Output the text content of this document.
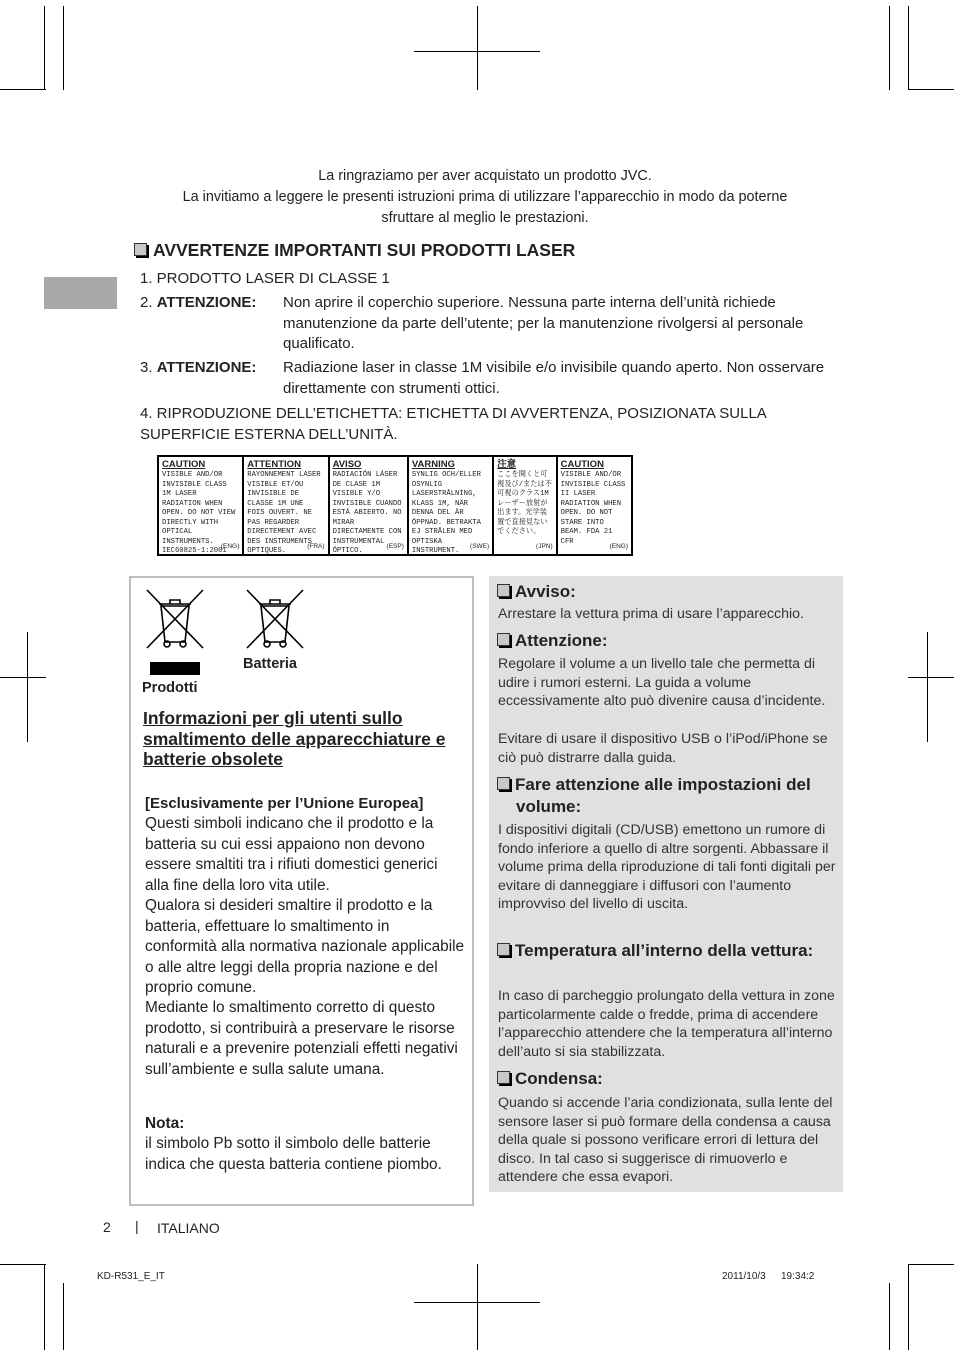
La ringraziamo per aver acquistato un prodotto JVC.
La invitiamo a leggere le presenti istruzioni prima di utilizzare l’apparecchio in modo da poterne
sfruttare al meglio le prestazioni.
AVVERTENZE IMPORTANTI SUI PRODOTTI LASER
1. PRODOTTO LASER DI CLASSE 1
2. ATTENZIONE: Non aprire il coperchio superiore. Nessuna parte interna dell’unità richiede manutenzione da parte dell’utente; per la manutenzione rivolgersi al personale qualificato.
3. ATTENZIONE: Radiazione laser in classe 1M visibile e/o invisibile quando aperto. Non osservare direttamente con strumenti ottici.
4. RIPRODUZIONE DELL’ETICHETTA: ETICHETTA DI AVVERTENZA, POSIZIONATA SULLA SUPERFICIE ESTERNA DELL’UNITÀ.
CAUTION
VISIBLE AND/OR INVISIBLE CLASS 1M LASER RADIATION WHEN OPEN. DO NOT VIEW DIRECTLY WITH OPTICAL INSTRUMENTS. IEC60825-1:2001
(ENG)
ATTENTION
RAYONNEMENT LASER VISIBLE ET/OU INVISIBLE DE CLASSE 1M UNE FOIS OUVERT. NE PAS REGARDER DIRECTEMENT AVEC DES INSTRUMENTS OPTIQUES.
(FRA)
AVISO
RADIACIÓN LÁSER DE CLASE 1M VISIBLE Y/O INVISIBLE CUANDO ESTÁ ABIERTO. NO MIRAR DIRECTAMENTE CON INSTRUMENTAL ÓPTICO.
(ESP)
VARNING
SYNLIG OCH/ELLER OSYNLIG LASERSTRÅLNING, KLASS 1M, NÄR DENNA DEL ÄR ÖPPNAD. BETRAKTA EJ STRÅLEN MED OPTISKA INSTRUMENT.
(SWE)
注意
ここを開くと可視及び/または不可視のクラス1Mレーザー放射が出ます。光学装置で直接見ないでください。
(JPN)
CAUTION
VISIBLE AND/OR INVISIBLE CLASS II LASER RADIATION WHEN OPEN. DO NOT STARE INTO BEAM. FDA 21 CFR
(ENG)
Prodotti
Batteria
Informazioni per gli utenti sullo smaltimento delle apparecchiature e batterie obsolete
[Esclusivamente per l’Unione Europea]
Questi simboli indicano che il prodotto e la batteria su cui essi appaiono non devono essere smaltiti tra i rifiuti domestici generici alla fine della loro vita utile.
Qualora si desideri smaltire il prodotto e la batteria, effettuare lo smaltimento in conformità alla normativa nazionale applicabile o alle altre leggi della propria nazione e del proprio comune.
Mediante lo smaltimento corretto di questo prodotto, si contribuirà a preservare le risorse naturali e a prevenire potenziali effetti negativi sull’ambiente e sulla salute umana.
Nota:
il simbolo Pb sotto il simbolo delle batterie indica che questa batteria contiene piombo.
Avviso:
Arrestare la vettura prima di usare l’apparecchio.
Attenzione:
Regolare il volume a un livello tale che permetta di udire i rumori esterni. La guida a volume eccessivamente alto può divenire causa d’incidente.
Evitare di usare il dispositivo USB o l’iPod/iPhone se ciò può distrarre dalla guida.
Fare attenzione alle impostazioni del volume:
I dispositivi digitali (CD/USB) emettono un rumore di fondo inferiore a quello di altre sorgenti. Abbassare il volume prima della riproduzione di tali fonti digitali per evitare di danneggiare i diffusori con l’aumento improvviso del livello di uscita.
Temperatura all’interno della vettura:
In caso di parcheggio prolungato della vettura in zone particolarmente calde o fredde, prima di accendere l’apparecchio attendere che la temperatura all’interno dell’auto si sia stabilizzata.
Condensa:
Quando si accende l’aria condizionata, sulla lente del sensore laser si può formare della condensa a causa della quale si possono verificare errori di lettura del disco. In tal caso si suggerisce di rimuoverlo e attendere che essa evapori.
2 | ITALIANO
KD-R531_E_IT	2011/10/3 19:34:2
